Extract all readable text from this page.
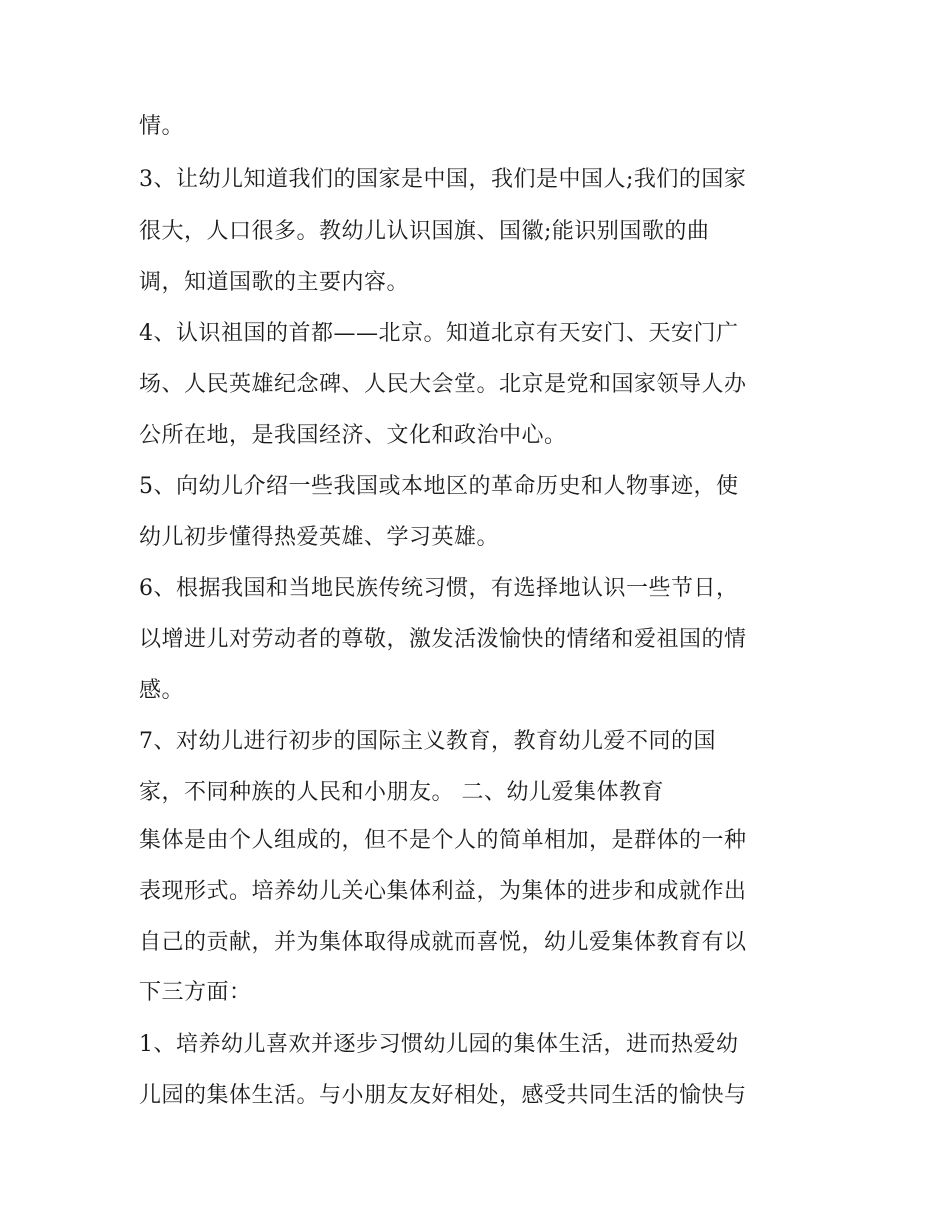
情。
3、让幼儿知道我们的国家是中国，我们是中国人;我们的国家
很大，人口很多。教幼儿认识国旗、国徽;能识别国歌的曲
调，知道国歌的主要内容。
4、认识祖国的首都——北京。知道北京有天安门、天安门广
场、人民英雄纪念碑、人民大会堂。北京是党和国家领导人办
公所在地，是我国经济、文化和政治中心。
5、向幼儿介绍一些我国或本地区的革命历史和人物事迹，使
幼儿初步懂得热爱英雄、学习英雄。
6、根据我国和当地民族传统习惯，有选择地认识一些节日，
以增进儿对劳动者的尊敬，激发活泼愉快的情绪和爱祖国的情
感。
7、对幼儿进行初步的国际主义教育，教育幼儿爱不同的国
家，不同种族的人民和小朋友。 二、幼儿爱集体教育
集体是由个人组成的，但不是个人的简单相加，是群体的一种
表现形式。培养幼儿关心集体利益，为集体的进步和成就作出
自己的贡献，并为集体取得成就而喜悦，幼儿爱集体教育有以
下三方面：
1、培养幼儿喜欢并逐步习惯幼儿园的集体生活，进而热爱幼
儿园的集体生活。与小朋友友好相处，感受共同生活的愉快与
